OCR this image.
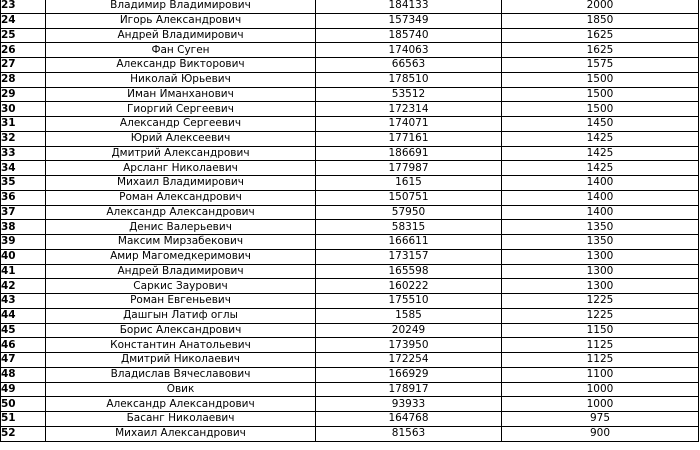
23	Владимир Владимирович	184133	2000
24	Игорь Александрович	157349	1850
25	Андрей Владимирович	185740	1625
26	Фан Суген	174063	1625
27	Александр Викторович	66563	1575
28	Николай Юрьевич	178510	1500
29	Иман Иманханович	53512	1500
30	Гиоргий Сергеевич	172314	1500
31	Александр Сергеевич	174071	1450
32	Юрий Алексеевич	177161	1425
33	Дмитрий Александрович	186691	1425
34	Арсланг Николаевич	177987	1425
35	Михаил Владимирович	1615	1400
36	Роман Александрович	150751	1400
37	Александр Александрович	57950	1400
38	Денис Валерьевич	58315	1350
39	Максим Мирзабекович	166611	1350
40	Амир Магомедкеримович	173157	1300
41	Андрей Владимирович	165598	1300
42	Саркис Заурович	160222	1300
43	Роман Евгеньевич	175510	1225
44	Дашгын Латиф оглы	1585	1225
45	Борис Александрович	20249	1150
46	Константин Анатольевич	173950	1125
47	Дмитрий Николаевич	172254	1125
48	Владислав Вячеславович	166929	1100
49	Овик	178917	1000
50	Александр Александрович	93933	1000
51	Басанг Николаевич	164768	975
52	Михаил Александрович	81563	900
